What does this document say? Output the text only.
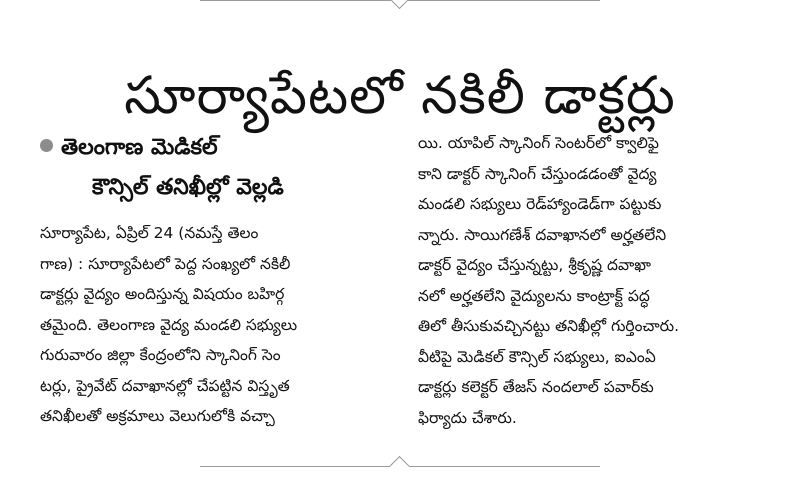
సూర్యాపేటలో నకిలీ డాక్టర్లు

తెలంగాణ మెడికల్

కౌన్సిల్ తనిఖీల్లో వెల్లడి

సూర్యాపేట, ఏప్రిల్ 24 (నమస్తే తెలం

గాణ) : సూర్యాపేటలో పెద్ద సంఖ్యలో నకిలీ

డాక్టర్లు వైద్యం అందిస్తున్న విషయం బహిర్గ

తమైంది. తెలంగాణ వైద్య మండలి సభ్యులు

గురువారం జిల్లా కేంద్రంలోని స్కానింగ్ సెం

టర్లు, ప్రైవేట్ దవాఖానల్లో చేపట్టిన విస్తృత

తనిఖీలతో అక్రమాలు వెలుగులోకి వచ్చా

యి. యాపిల్ స్కానింగ్ సెంటర్‌లో క్వాలిఫై

కాని డాక్టర్ స్కానింగ్ చేస్తుండడంతో వైద్య

మండలి సభ్యులు రెడ్‌హ్యాండెడ్‌గా పట్టుకు

న్నారు. సాయిగణేశ్ దవాఖానలో అర్హతలేని

డాక్టర్ వైద్యం చేస్తున్నట్టు, శ్రీకృష్ణ దవాఖా

నలో అర్హతలేని వైద్యులను కాంట్రాక్ట్ పద్ధ

తిలో తీసుకువచ్చినట్టు తనిఖీల్లో గుర్తించారు.

వీటిపై మెడికల్ కౌన్సిల్ సభ్యులు, ఐఎంఏ

డాక్టర్లు కలెక్టర్ తేజస్ నందలాల్ పవార్‌కు

ఫిర్యాదు చేశారు.
